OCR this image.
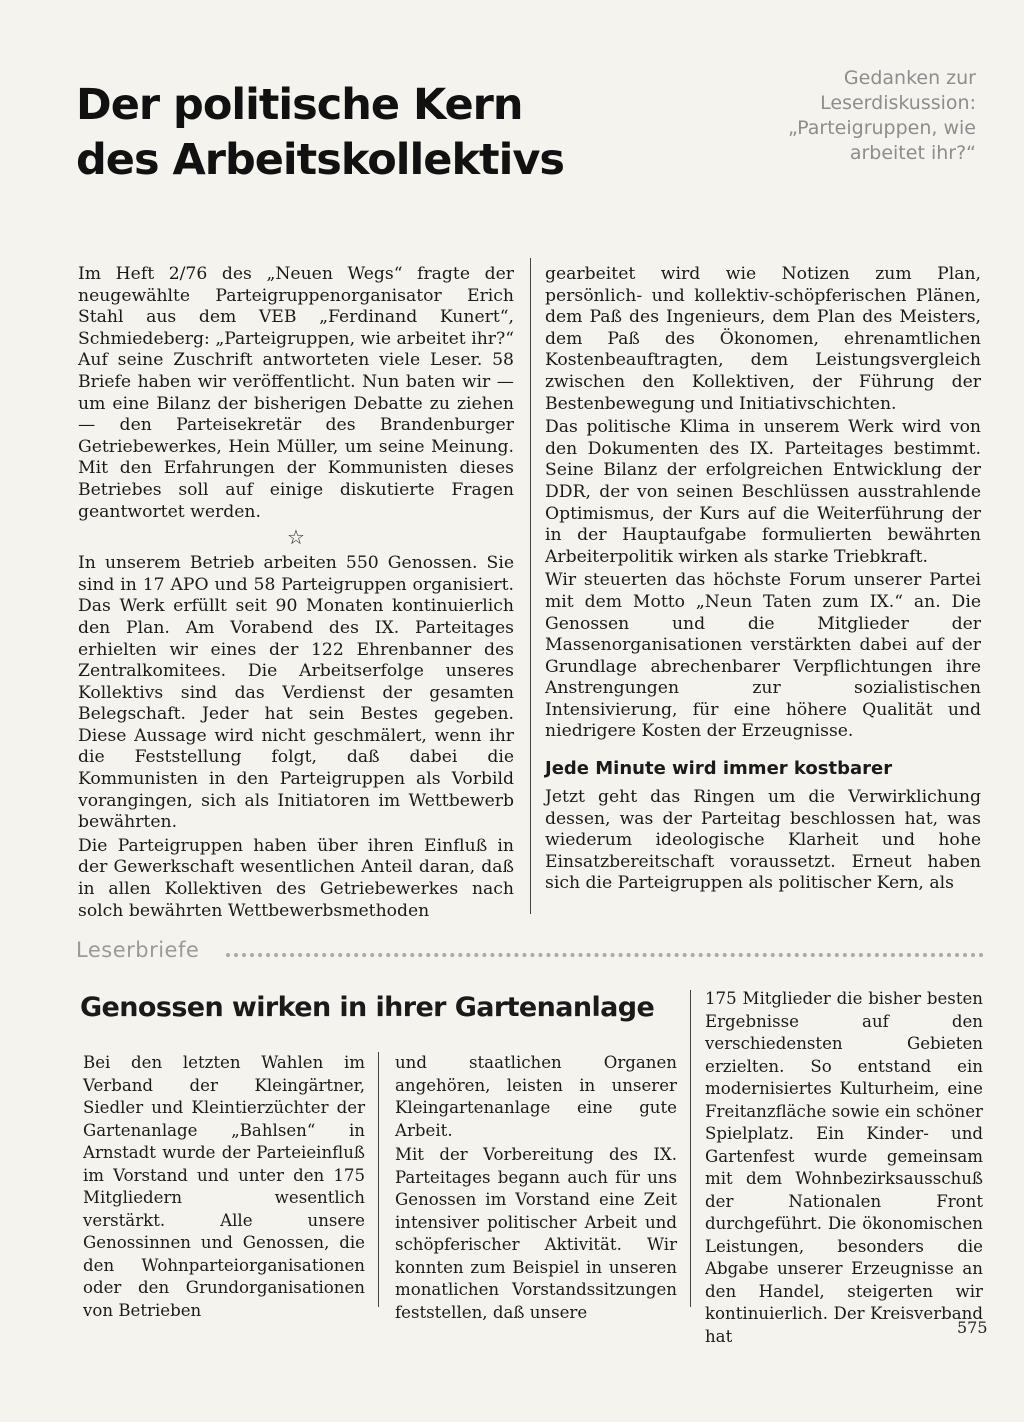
Der politische Kern
des Arbeitskollektivs

Gedanken zur Leserdiskussion: „Parteigruppen, wie arbeitet ihr?“

Im Heft 2/76 des „Neuen Wegs“ fragte der neugewählte Parteigruppenorganisator Erich Stahl aus dem VEB „Ferdinand Kunert“, Schmiedeberg: „Parteigruppen, wie arbeitet ihr?“ Auf seine Zuschrift antworteten viele Leser. 58 Briefe haben wir veröffentlicht. Nun baten wir — um eine Bilanz der bisherigen Debatte zu ziehen — den Parteisekretär des Brandenburger Getriebewerkes, Hein Müller, um seine Meinung. Mit den Erfahrungen der Kommunisten dieses Betriebes soll auf einige diskutierte Fragen geantwortet werden.

☆

In unserem Betrieb arbeiten 550 Genossen. Sie sind in 17 APO und 58 Parteigruppen organisiert. Das Werk erfüllt seit 90 Monaten kontinuierlich den Plan. Am Vorabend des IX. Parteitages erhielten wir eines der 122 Ehrenbanner des Zentralkomitees. Die Arbeitserfolge unseres Kollektivs sind das Verdienst der gesamten Belegschaft. Jeder hat sein Bestes gegeben. Diese Aussage wird nicht geschmälert, wenn ihr die Feststellung folgt, daß dabei die Kommunisten in den Parteigruppen als Vorbild vorangingen, sich als Initiatoren im Wettbewerb bewährten.

Die Parteigruppen haben über ihren Einfluß in der Gewerkschaft wesentlichen Anteil daran, daß in allen Kollektiven des Getriebewerkes nach solch bewährten Wettbewerbsmethoden

gearbeitet wird wie Notizen zum Plan, persönlich- und kollektiv-schöpferischen Plänen, dem Paß des Ingenieurs, dem Plan des Meisters, dem Paß des Ökonomen, ehrenamtlichen Kostenbeauftragten, dem Leistungsvergleich zwischen den Kollektiven, der Führung der Bestenbewegung und Initiativschichten.

Das politische Klima in unserem Werk wird von den Dokumenten des IX. Parteitages bestimmt. Seine Bilanz der erfolgreichen Entwicklung der DDR, der von seinen Beschlüssen ausstrahlende Optimismus, der Kurs auf die Weiterführung der in der Hauptaufgabe formulierten bewährten Arbeiterpolitik wirken als starke Triebkraft.

Wir steuerten das höchste Forum unserer Partei mit dem Motto „Neun Taten zum IX.“ an. Die Genossen und die Mitglieder der Massenorganisationen verstärkten dabei auf der Grundlage abrechenbarer Verpflichtungen ihre Anstrengungen zur sozialistischen Intensivierung, für eine höhere Qualität und niedrigere Kosten der Erzeugnisse.

Jede Minute wird immer kostbarer

Jetzt geht das Ringen um die Verwirklichung dessen, was der Parteitag beschlossen hat, was wiederum ideologische Klarheit und hohe Einsatzbereitschaft voraussetzt. Erneut haben sich die Parteigruppen als politischer Kern, als

Leserbriefe
Genossen wirken in ihrer Gartenanlage

Bei den letzten Wahlen im Verband der Kleingärtner, Siedler und Kleintierzüchter der Gartenanlage „Bahlsen“ in Arnstadt wurde der Parteieinfluß im Vorstand und unter den 175 Mitgliedern wesentlich verstärkt. Alle unsere Genossinnen und Genossen, die den Wohnparteiorganisationen oder den Grundorganisationen von Betrieben

und staatlichen Organen angehören, leisten in unserer Kleingartenanlage eine gute Arbeit.

Mit der Vorbereitung des IX. Parteitages begann auch für uns Genossen im Vorstand eine Zeit intensiver politischer Arbeit und schöpferischer Aktivität. Wir konnten zum Beispiel in unseren monatlichen Vorstandssitzungen feststellen, daß unsere

175 Mitglieder die bisher besten Ergebnisse auf den verschiedensten Gebieten erzielten. So entstand ein modernisiertes Kulturheim, eine Freitanzfläche sowie ein schöner Spielplatz. Ein Kinder- und Gartenfest wurde gemeinsam mit dem Wohnbezirksausschuß der Nationalen Front durchgeführt. Die ökonomischen Leistungen, besonders die Abgabe unserer Erzeugnisse an den Handel, steigerten wir kontinuierlich. Der Kreisverband hat	575
